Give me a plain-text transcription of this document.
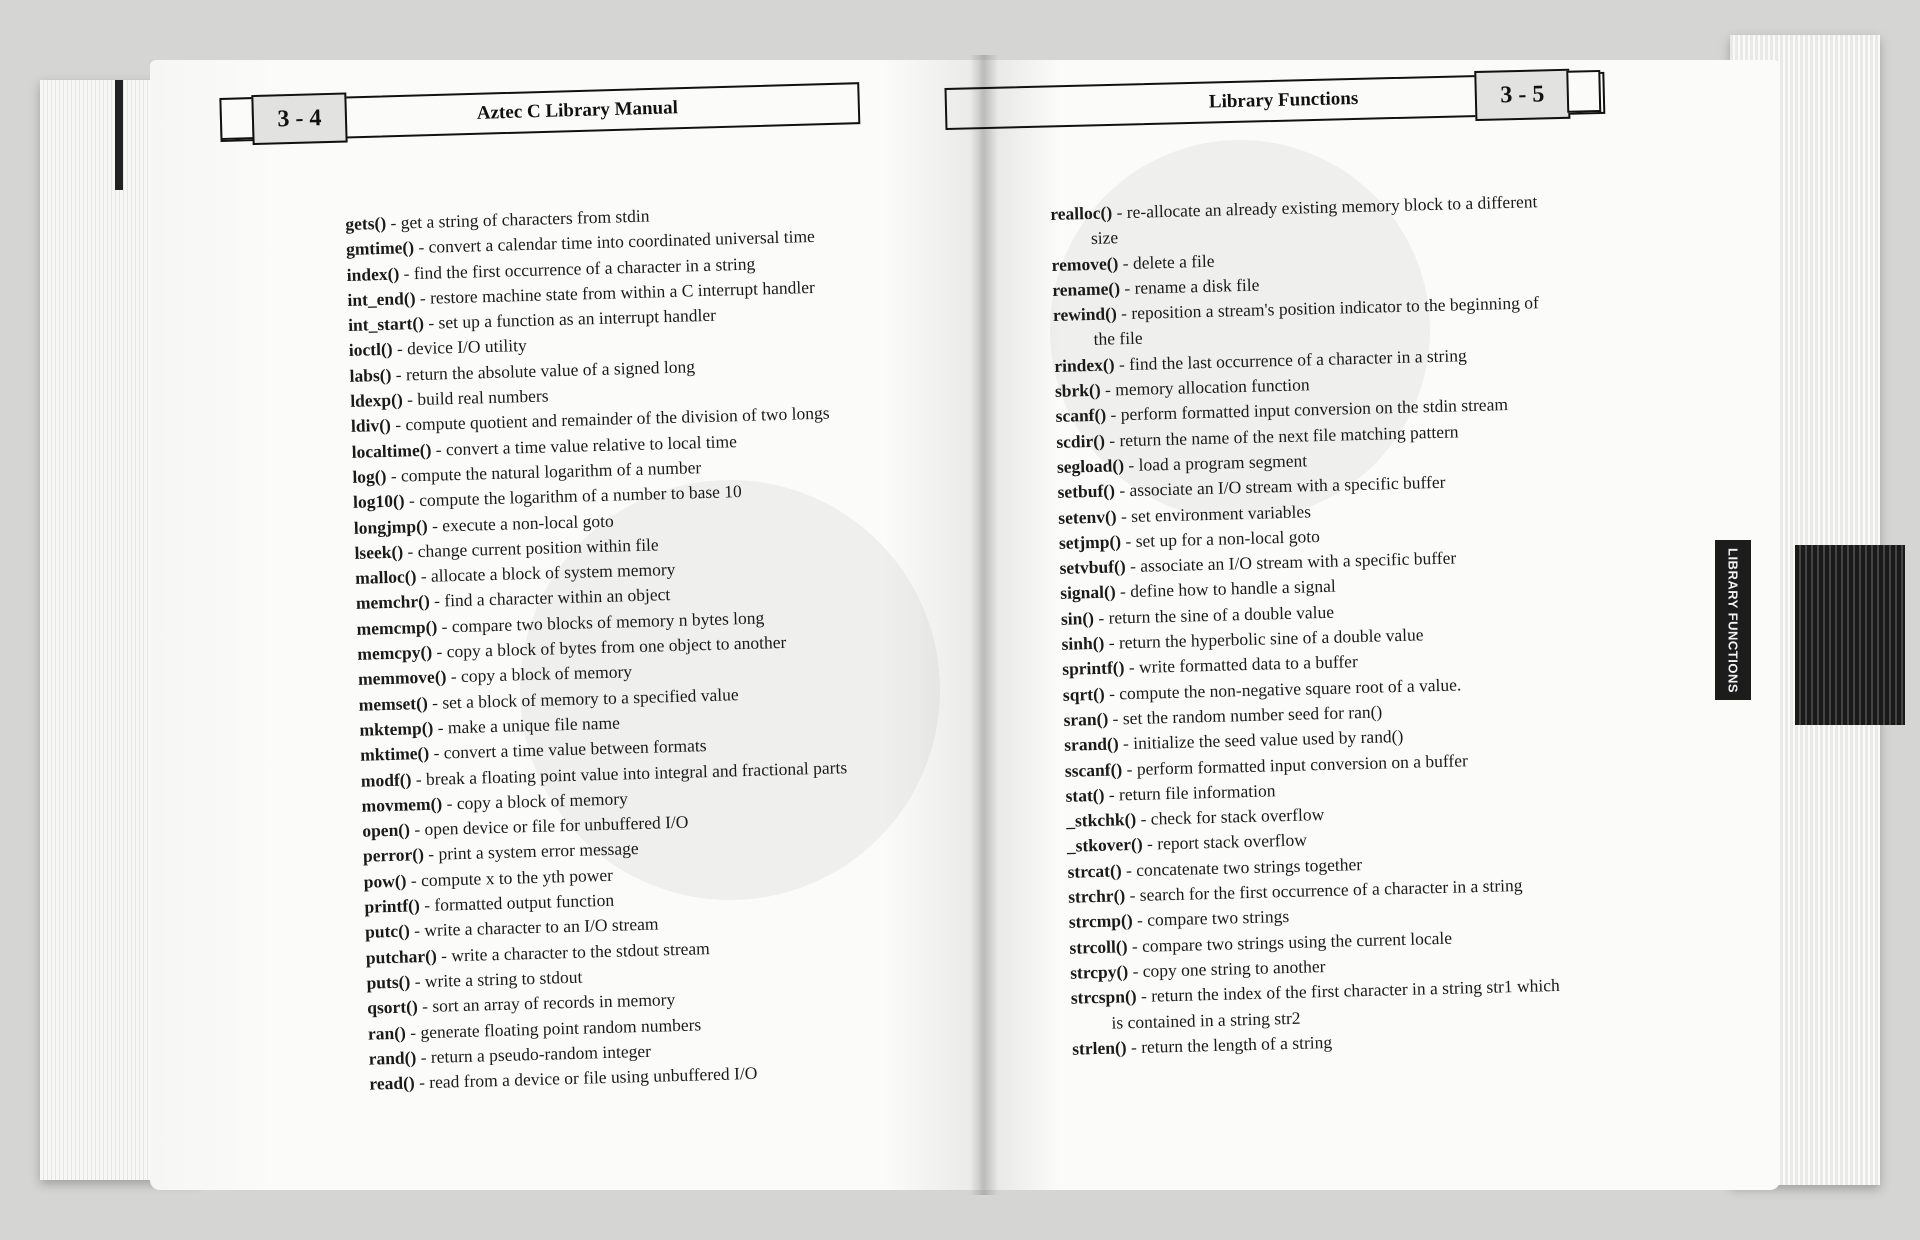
3 - 4	Aztec C Library Manual	Library Functions	3 - 5
gets() - get a string of characters from stdin
gmtime() - convert a calendar time into coordinated universal time
index() - find the first occurrence of a character in a string
int_end() - restore machine state from within a C interrupt handler
int_start() - set up a function as an interrupt handler
ioctl() - device I/O utility
labs() - return the absolute value of a signed long
ldexp() - build real numbers
ldiv() - compute quotient and remainder of the division of two longs
localtime() - convert a time value relative to local time
log() - compute the natural logarithm of a number
log10() - compute the logarithm of a number to base 10
longjmp() - execute a non-local goto
lseek() - change current position within file
malloc() - allocate a block of system memory
memchr() - find a character within an object
memcmp() - compare two blocks of memory n bytes long
memcpy() - copy a block of bytes from one object to another
memmove() - copy a block of memory
memset() - set a block of memory to a specified value
mktemp() - make a unique file name
mktime() - convert a time value between formats
modf() - break a floating point value into integral and fractional parts
movmem() - copy a block of memory
open() - open device or file for unbuffered I/O
perror() - print a system error message
pow() - compute x to the yth power
printf() - formatted output function
putc() - write a character to an I/O stream
putchar() - write a character to the stdout stream
puts() - write a string to stdout
qsort() - sort an array of records in memory
ran() - generate floating point random numbers
rand() - return a pseudo-random integer
read() - read from a device or file using unbuffered I/O
realloc() - re-allocate an already existing memory block to a different
size
remove() - delete a file
rename() - rename a disk file
rewind() - reposition a stream's position indicator to the beginning of
the file
rindex() - find the last occurrence of a character in a string
sbrk() - memory allocation function
scanf() - perform formatted input conversion on the stdin stream
scdir() - return the name of the next file matching pattern
segload() - load a program segment
setbuf() - associate an I/O stream with a specific buffer
setenv() - set environment variables
setjmp() - set up for a non-local goto
setvbuf() - associate an I/O stream with a specific buffer
signal() - define how to handle a signal
sin() - return the sine of a double value
sinh() - return the hyperbolic sine of a double value
sprintf() - write formatted data to a buffer
sqrt() - compute the non-negative square root of a value.
sran() - set the random number seed for ran()
srand() - initialize the seed value used by rand()
sscanf() - perform formatted input conversion on a buffer
stat() - return file information
_stkchk() - check for stack overflow
_stkover() - report stack overflow
strcat() - concatenate two strings together
strchr() - search for the first occurrence of a character in a string
strcmp() - compare two strings
strcoll() - compare two strings using the current locale
strcpy() - copy one string to another
strcspn() - return the index of the first character in a string str1 which
is contained in a string str2
strlen() - return the length of a string
LIBRARY FUNCTIONS
